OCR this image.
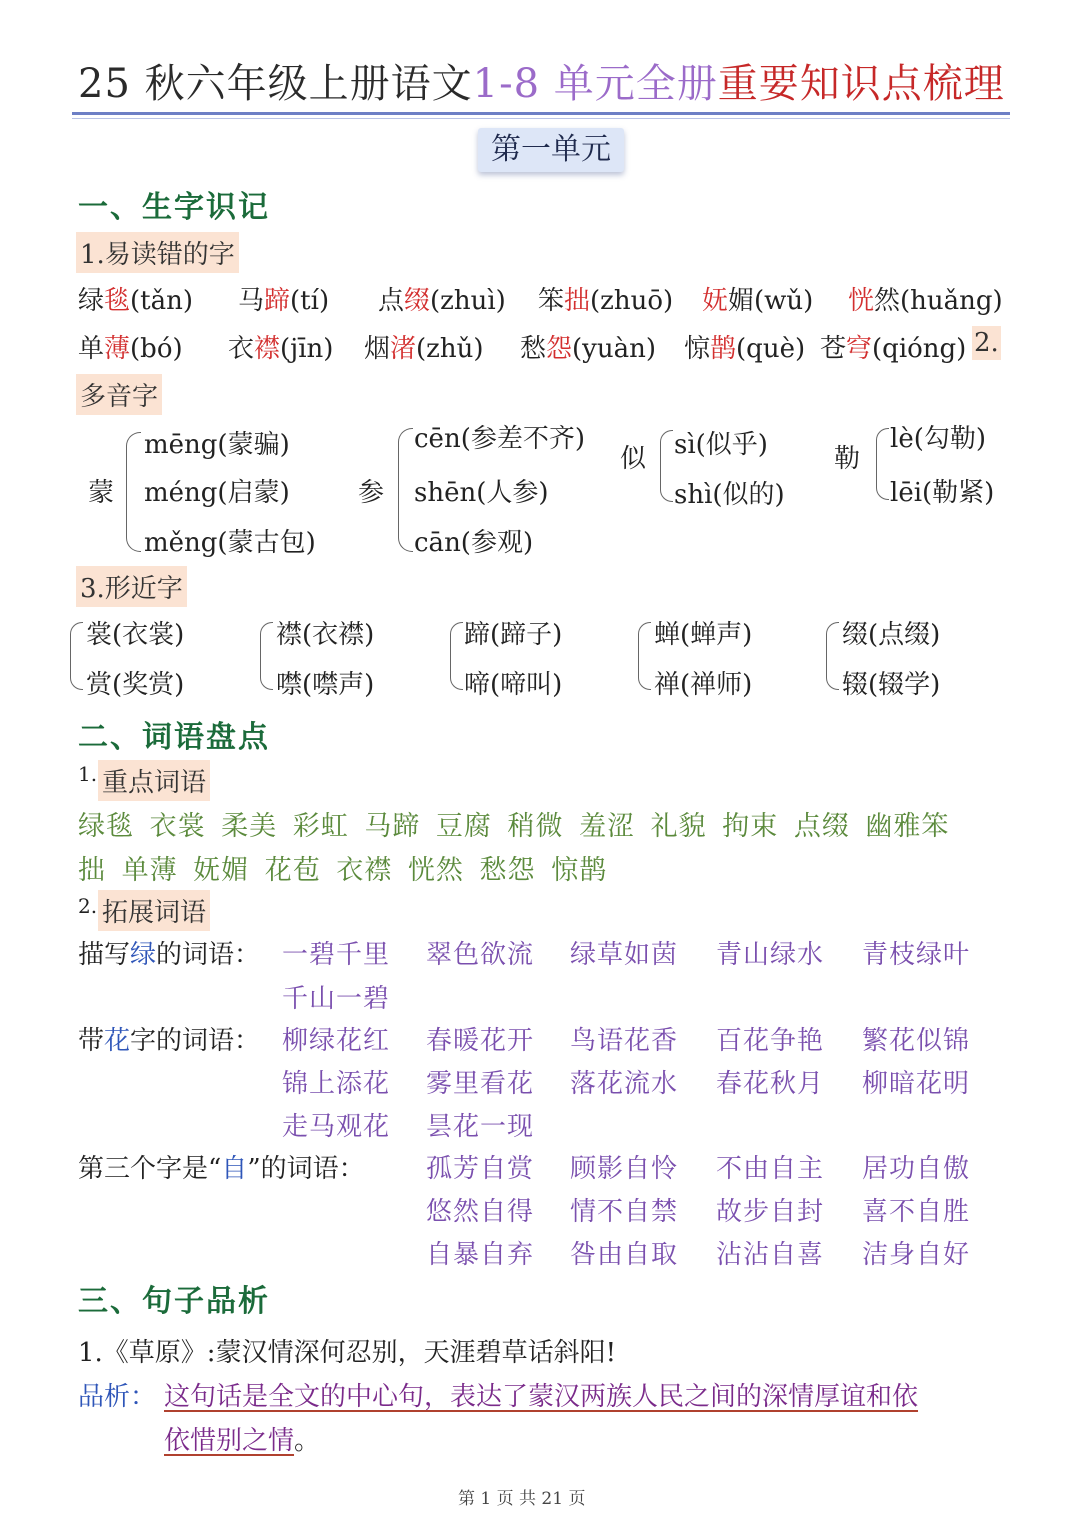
25 秋六年级上册语文1-8 单元全册重要知识点梳理
第一单元
一、生字识记
1.易读错的字
绿毯(tǎn) 马蹄(tí) 点缀(zhuì) 笨拙(zhuō) 妩媚(wǔ) 恍然(huǎng)
单薄(bó) 衣襟(jīn) 烟渚(zhǔ) 愁怨(yuàn) 惊鹊(què) 苍穹(qióng) 2.
多音字
蒙
mēng(蒙骗)
méng(启蒙)
měng(蒙古包)
参
cēn(参差不齐)
shēn(人参)
cān(参观)
似 sì(似乎)
shì(似的)
勒
lè(勾勒)
lēi(勒紧)
3.形近字
裳(衣裳)
赏(奖赏)
襟(衣襟)
噤(噤声)
蹄(蹄子)
啼(啼叫)
蝉(蝉声)
禅(禅师)
缀(点缀)
辍(辍学)
二、词语盘点
1. 重点词语
绿毯 衣裳 柔美 彩虹 马蹄 豆腐 稍微 羞涩 礼貌 拘束 点缀 幽雅笨
拙 单薄 妩媚 花苞 衣襟 恍然 愁怨 惊鹊
2. 拓展词语
描写绿的词语： 一碧千里 翠色欲流 绿草如茵 青山绿水 青枝绿叶
千山一碧
带花字的词语： 柳绿花红 春暖花开 鸟语花香 百花争艳 繁花似锦
锦上添花 雾里看花 落花流水 春花秋月 柳暗花明
走马观花 昙花一现
第三个字是“自”的词语： 孤芳自赏 顾影自怜 不由自主 居功自傲
悠然自得 情不自禁 故步自封 喜不自胜
自暴自弃 咎由自取 沾沾自喜 洁身自好
三、句子品析
1.《草原》:蒙汉情深何忍别，天涯碧草话斜阳!
品析： 这句话是全文的中心句，表达了蒙汉两族人民之间的深情厚谊和依
依惜别之情。
第 1 页 共 21 页
